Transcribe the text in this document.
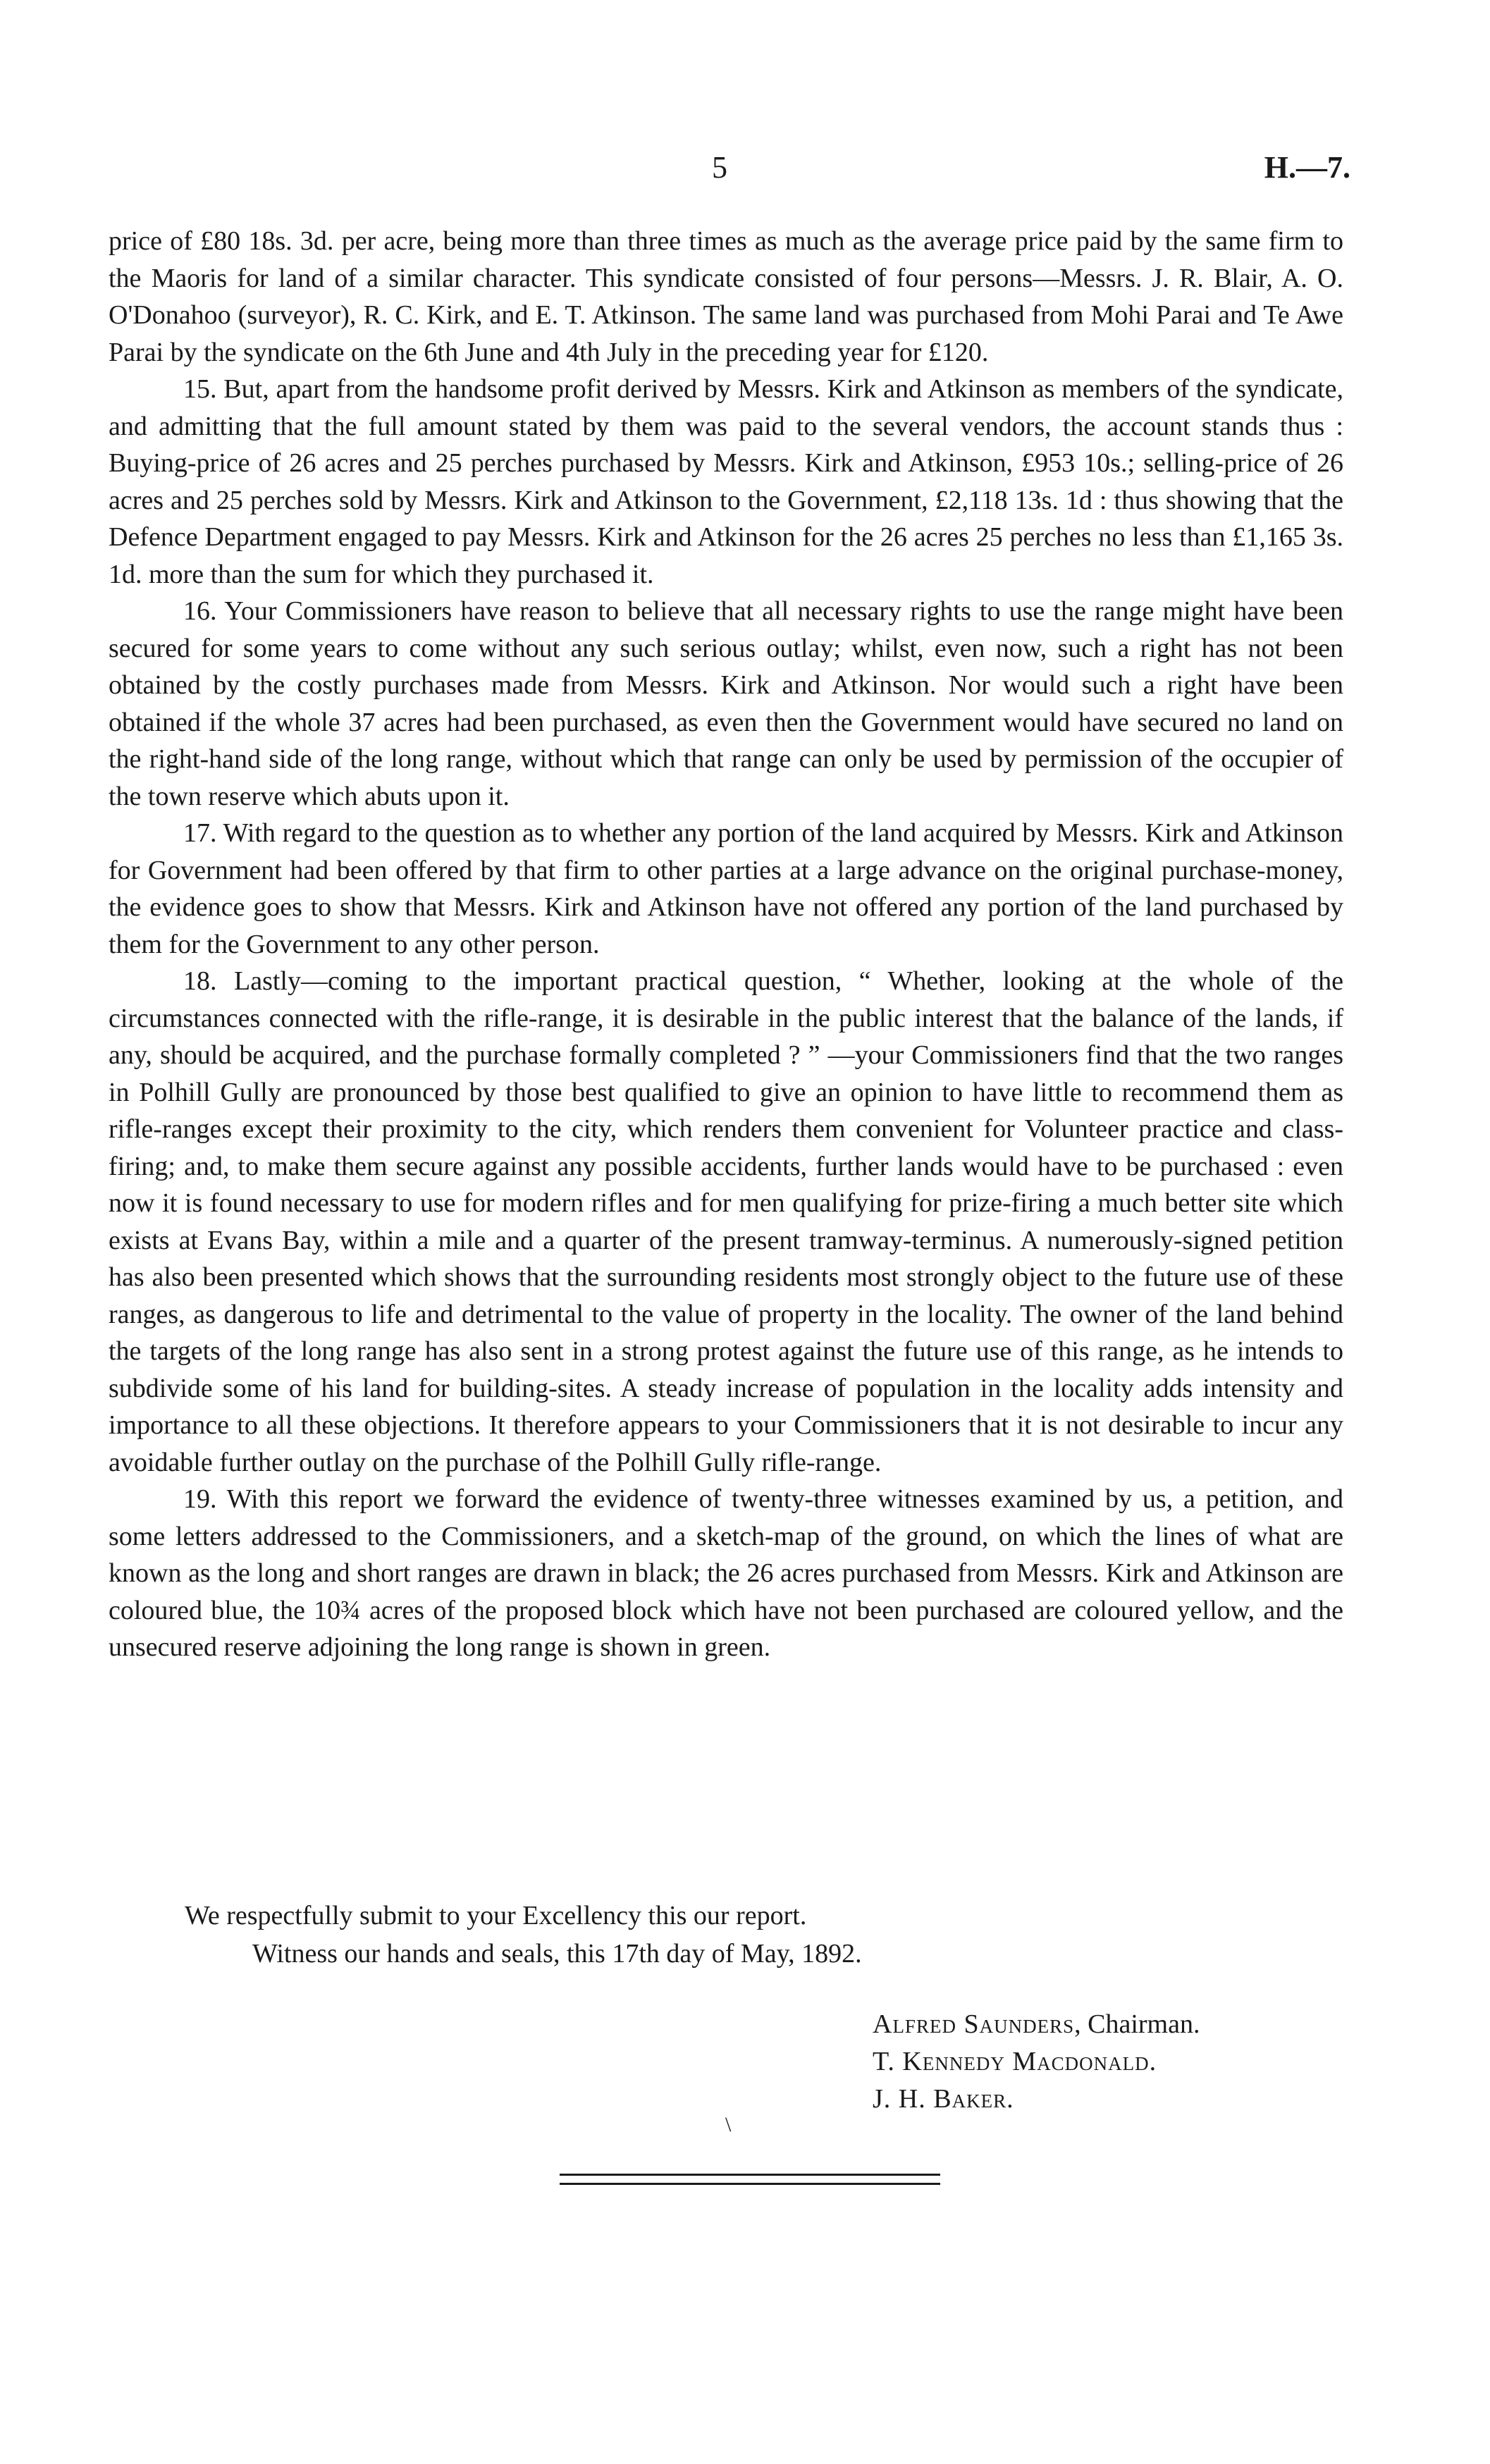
5	H.—7.

price of £80 18s. 3d. per acre, being more than three times as much as the average price paid by the same firm to the Maoris for land of a similar character. This syndicate consisted of four persons—Messrs. J. R. Blair, A. O. O'Donahoo (surveyor), R. C. Kirk, and E. T. Atkinson. The same land was purchased from Mohi Parai and Te Awe Parai by the syndicate on the 6th June and 4th July in the preceding year for £120.

15. But, apart from the handsome profit derived by Messrs. Kirk and Atkinson as members of the syndicate, and admitting that the full amount stated by them was paid to the several vendors, the account stands thus : Buying-price of 26 acres and 25 perches purchased by Messrs. Kirk and Atkinson, £953 10s.; selling-price of 26 acres and 25 perches sold by Messrs. Kirk and Atkinson to the Government, £2,118 13s. 1d : thus showing that the Defence Department engaged to pay Messrs. Kirk and Atkinson for the 26 acres 25 perches no less than £1,165 3s. 1d. more than the sum for which they purchased it.

16. Your Commissioners have reason to believe that all necessary rights to use the range might have been secured for some years to come without any such serious outlay; whilst, even now, such a right has not been obtained by the costly purchases made from Messrs. Kirk and Atkinson. Nor would such a right have been obtained if the whole 37 acres had been purchased, as even then the Government would have secured no land on the right-hand side of the long range, without which that range can only be used by permission of the occupier of the town reserve which abuts upon it.

17. With regard to the question as to whether any portion of the land acquired by Messrs. Kirk and Atkinson for Government had been offered by that firm to other parties at a large advance on the original purchase-money, the evidence goes to show that Messrs. Kirk and Atkinson have not offered any portion of the land purchased by them for the Government to any other person.

18. Lastly—coming to the important practical question, “ Whether, looking at the whole of the circumstances connected with the rifle-range, it is desirable in the public interest that the balance of the lands, if any, should be acquired, and the purchase formally completed ? ” —your Commissioners find that the two ranges in Polhill Gully are pronounced by those best qualified to give an opinion to have little to recommend them as rifle-ranges except their proximity to the city, which renders them convenient for Volunteer practice and class-firing; and, to make them secure against any possible accidents, further lands would have to be purchased : even now it is found necessary to use for modern rifles and for men qualifying for prize-firing a much better site which exists at Evans Bay, within a mile and a quarter of the present tramway-terminus. A numerously-signed petition has also been presented which shows that the surrounding residents most strongly object to the future use of these ranges, as dangerous to life and detrimental to the value of property in the locality. The owner of the land behind the targets of the long range has also sent in a strong protest against the future use of this range, as he intends to subdivide some of his land for building-sites. A steady increase of population in the locality adds intensity and importance to all these objections. It therefore appears to your Commissioners that it is not desirable to incur any avoidable further outlay on the purchase of the Polhill Gully rifle-range.

19. With this report we forward the evidence of twenty-three witnesses examined by us, a petition, and some letters addressed to the Commissioners, and a sketch-map of the ground, on which the lines of what are known as the long and short ranges are drawn in black; the 26 acres purchased from Messrs. Kirk and Atkinson are coloured blue, the 10¾ acres of the proposed block which have not been purchased are coloured yellow, and the unsecured reserve adjoining the long range is shown in green.

We respectfully submit to your Excellency this our report.
Witness our hands and seals, this 17th day of May, 1892.
Alfred Saunders, Chairman.
T. Kennedy Macdonald.
J. H. Baker.
\
